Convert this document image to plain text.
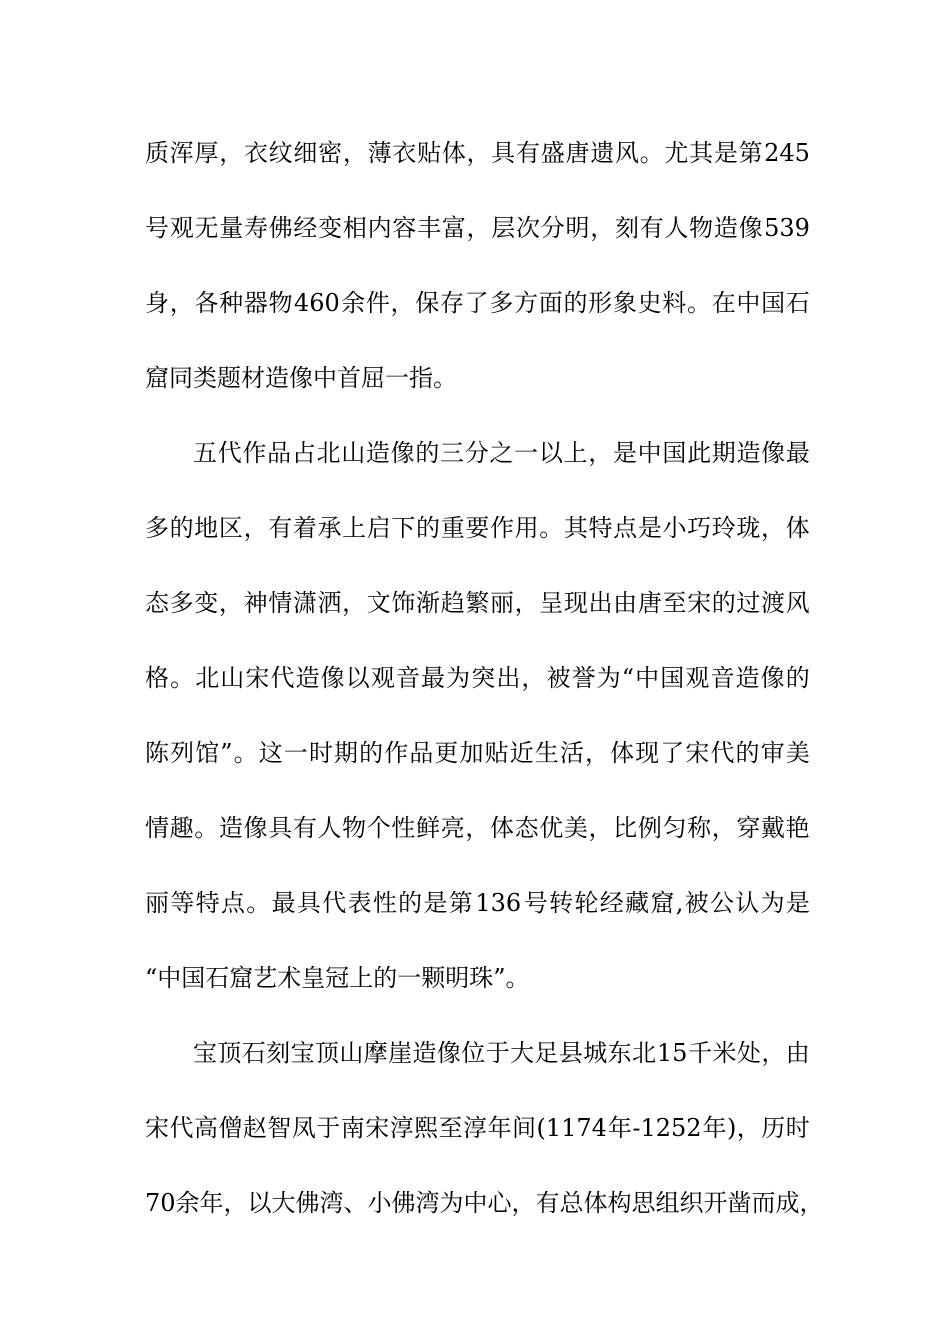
质 浑 厚 ， 衣 纹 细 密 ， 薄 衣 贴 体 ， 具 有 盛 唐 遗 风 。 尤 其 是 第 245
号 观 无 量 寿 佛 经 变 相 内 容 丰 富 ， 层 次 分 明 ， 刻 有 人 物 造 像 539
身 ， 各 种 器 物 460 余 件 ， 保 存 了 多 方 面 的 形 象 史 料 。 在 中 国 石
窟同类题材造像中首屈一指。
五 代 作 品 占 北 山 造 像 的 三 分 之 一 以 上 ， 是 中 国 此 期 造 像 最
多 的 地 区 ， 有 着 承 上 启 下 的 重 要 作 用 。 其 特 点 是 小 巧 玲 珑 ， 体
态 多 变 ， 神 情 潇 洒 ， 文 饰 渐 趋 繁 丽 ， 呈 现 出 由 唐 至 宋 的 过 渡 风
格 。 北 山 宋 代 造 像 以 观 音 最 为 突 出 ， 被 誉 为 “ 中 国 观 音 造 像 的
陈 列 馆 ” 。 这 一 时 期 的 作 品 更 加 贴 近 生 活 ， 体 现 了 宋 代 的 审 美
情 趣 。 造 像 具 有 人 物 个 性 鲜 亮 ， 体 态 优 美 ， 比 例 匀 称 ， 穿 戴 艳
丽 等 特 点 。 最 具 代 表 性 的 是 第 136 号 转 轮 经 藏 窟 , 被 公 认 为 是
“中国石窟艺术皇冠上的一颗明珠”。
宝 顶 石 刻 宝 顶 山 摩 崖 造 像 位 于 大 足 县 城 东 北 15 千 米 处 ， 由
宋 代 高 僧 赵 智 凤 于 南 宋 淳 熙 至 淳 年 间 (1174 年 -1252 年 ) ， 历 时
70 余 年 ， 以 大 佛 湾 、 小 佛 湾 为 中 心 ， 有 总 体 构 思 组 织 开 凿 而 成 ，
